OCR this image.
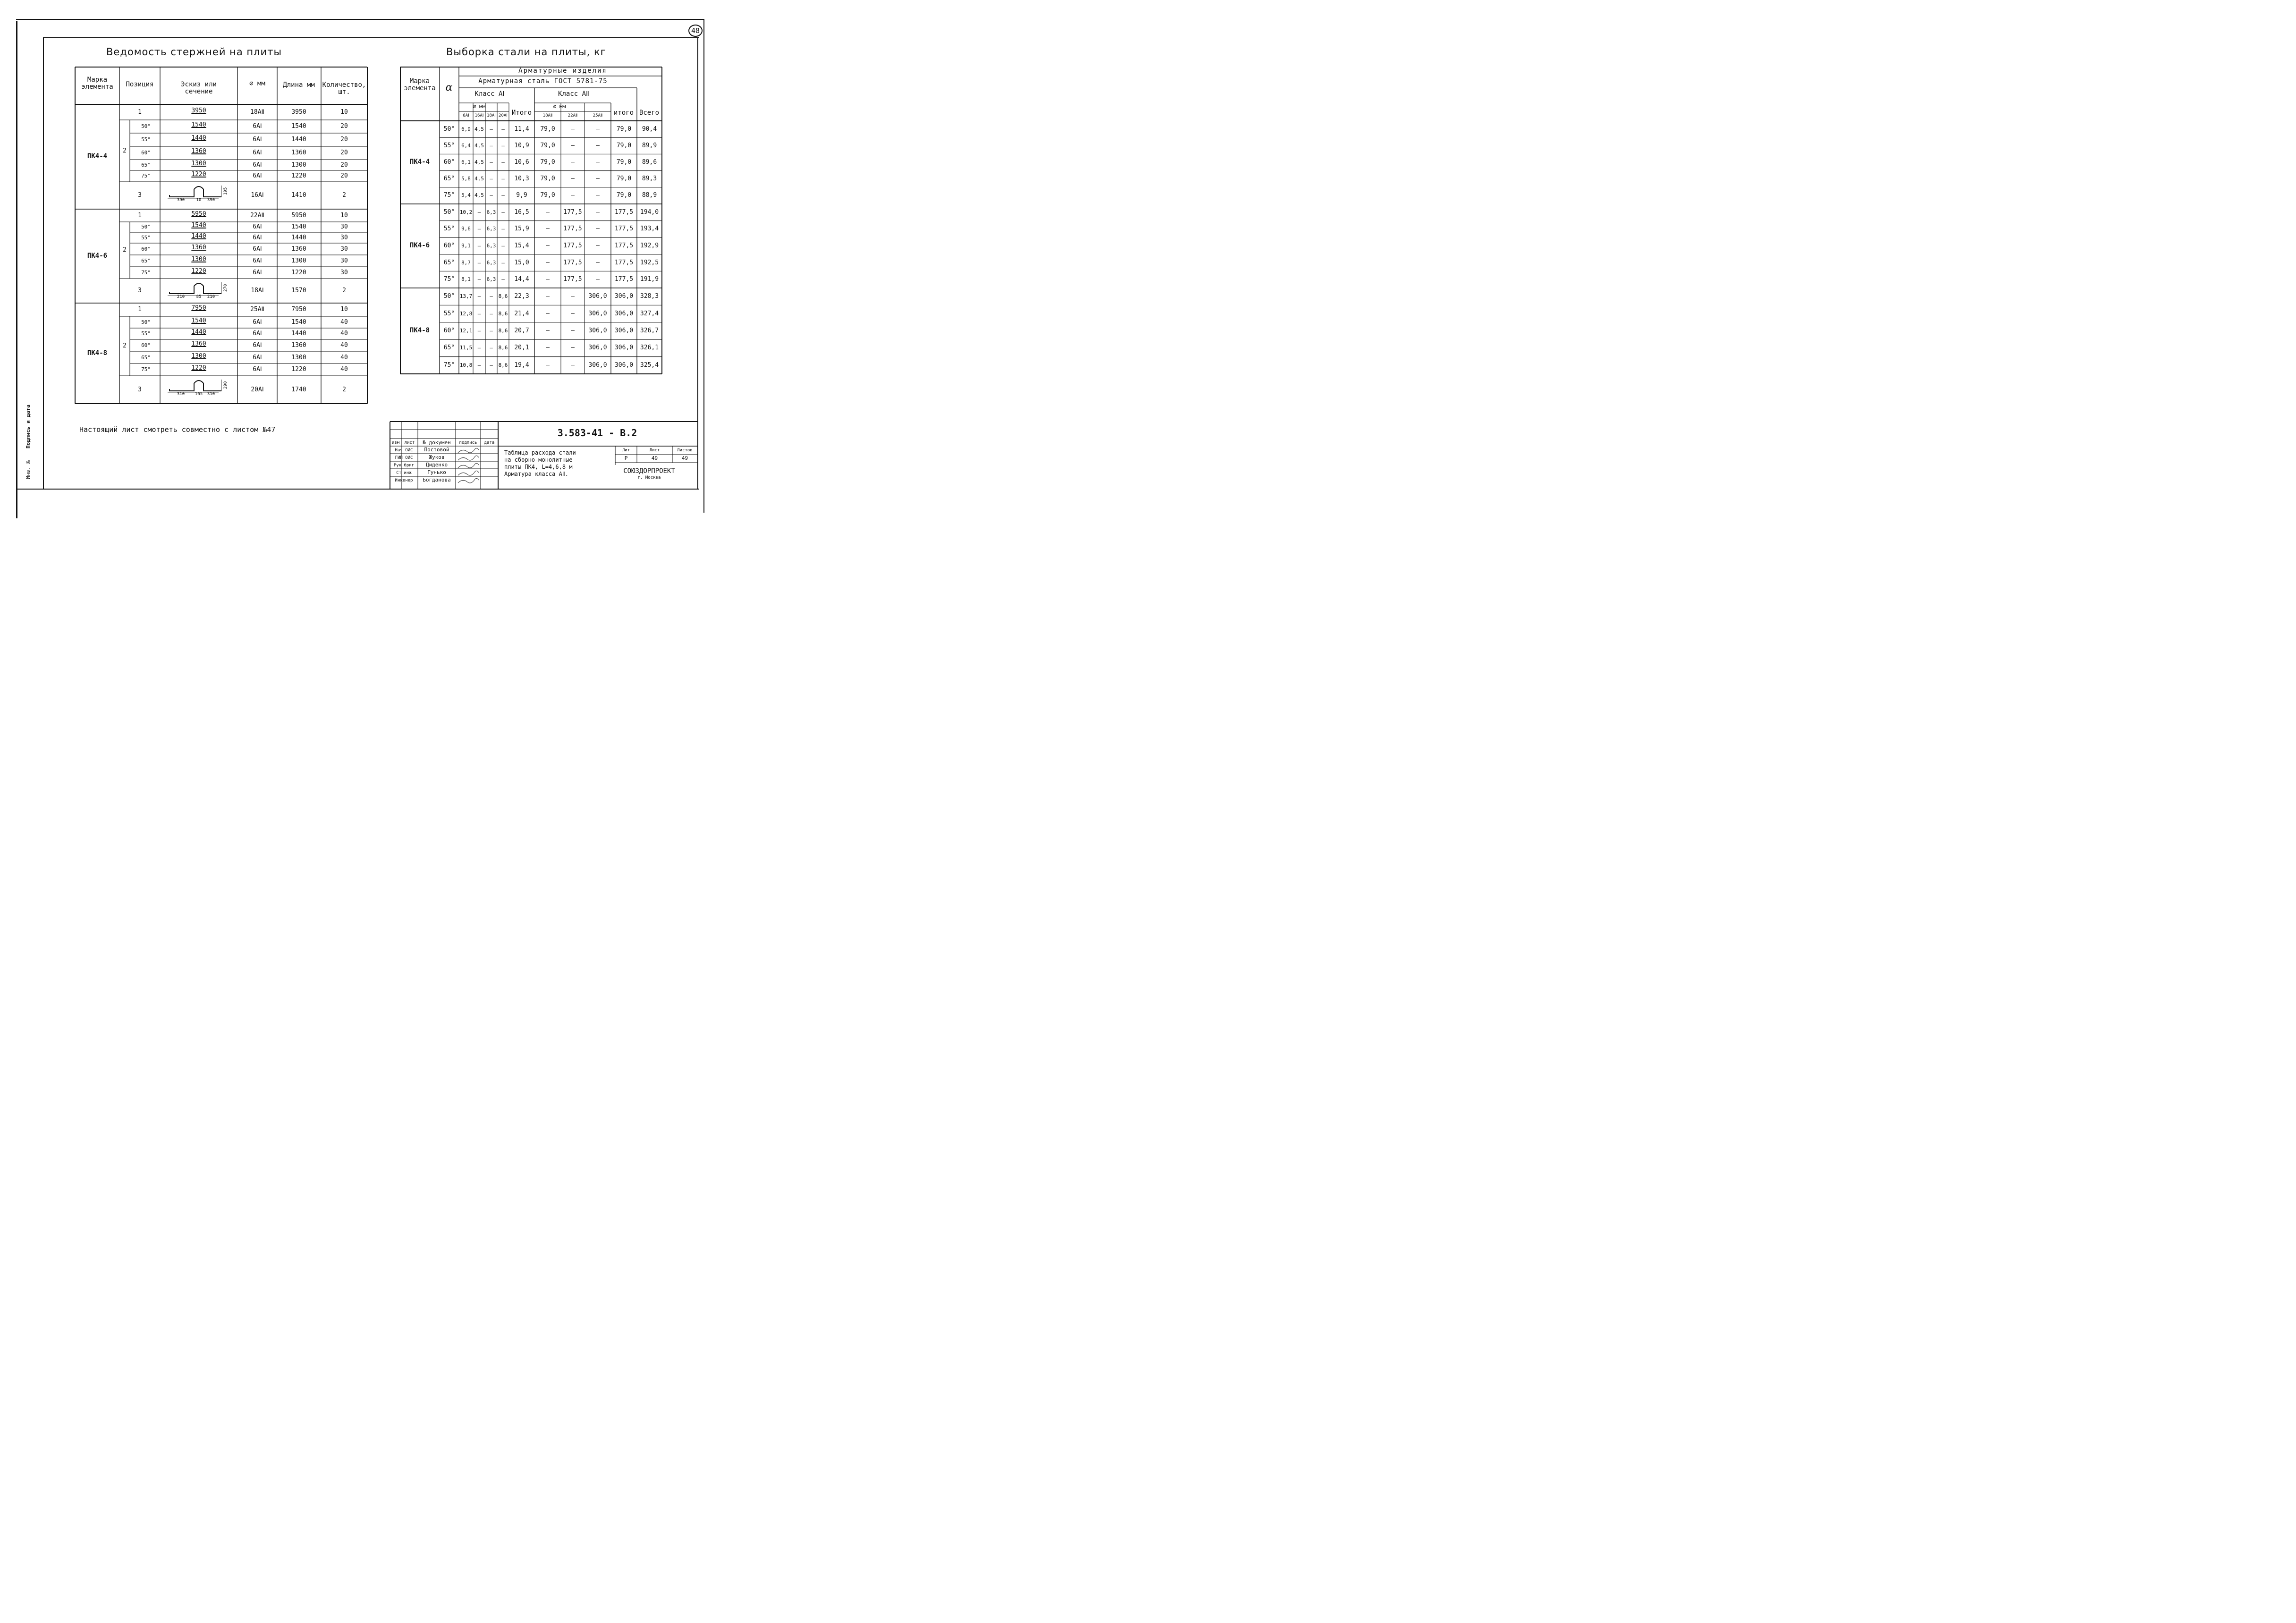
48
Ведомость стержней на плиты	Выборка стали на плиты, кг
Марка элемента	Позиция	Эскиз или сечение
⌀ мм	Длина мм	Количество, шт.
ПК4-4
1	3950	18АⅡ	3950	10
2
50°	1540	6АⅠ	1540	20
55°	1440	6АⅠ	1440	20
60°	1360	6АⅠ	1360	20
65°	1300	6АⅠ	1300	20
75°	1220	6АⅠ	1220	20
3	16АⅠ	1410	2
390	10 390
195
ПК4-6
1	5950	22АⅡ	5950	10
2
50°	1540	6АⅠ	1540	30
55°	1440	6АⅠ	1440	30
60°	1360	6АⅠ	1360	30
65°	1300	6АⅠ	1300	30
75°	1220	6АⅠ	1220	30
3	18АⅠ	1570	2
210	85 210
270
ПК4-8
1	7950	25АⅡ	7950	10
2
50°	1540	6АⅠ	1540	40
55°	1440	6АⅠ	1440	40
60°	1360	6АⅠ	1360	40
65°	1300	6АⅠ	1300	40
75°	1220	6АⅠ	1220	40
3	20АⅠ	1740	2
310 165 310
290
Марка элемента α
Арматурные изделия
Арматурная сталь ГОСТ 5781-75
Класс АⅠ	Класс АⅡ
⌀ мм	⌀ мм
6АⅠ 16АⅠ 18АⅠ 20АⅠ Итого	18АⅡ	22АⅡ	25АⅡ итого Всего
ПК4-4
50° 6,9 4,5 — — 11,4 79,0	—	—	79,0 90,4
55° 6,4 4,5 — — 10,9 79,0	—	—	79,0 89,9
60° 6,1 4,5 — — 10,6 79,0	—	—	79,0 89,6
65° 5,8 4,5 — — 10,3 79,0	—	—	79,0 89,3
75° 5,4 4,5 — — 9,9 79,0	—	—	79,0 88,9
ПК4-6
50° 10,2 — 6,3 — 16,5	— 177,5 — 177,5 194,0
55° 9,6 — 6,3 — 15,9	— 177,5 — 177,5 193,4
60° 9,1 — 6,3 — 15,4	— 177,5 — 177,5 192,9
65° 8,7 — 6,3 — 15,0	— 177,5 — 177,5 192,5
75° 8,1 — 6,3 — 14,4	— 177,5 — 177,5 191,9
ПК4-8
50° 13,7 — — 8,6 22,3	—	— 306,0 306,0 328,3
55° 12,8 — — 8,6 21,4	—	— 306,0 306,0 327,4
60° 12,1 — — 8,6 20,7	—	— 306,0 306,0 326,7
65° 11,5 — — 8,6 20,1	—	— 306,0 306,0 326,1
75° 10,8 — — 8,6 19,4	—	— 306,0 306,0 325,4
Настоящий лист смотреть совместно с листом №47
Подпись и дата
Инв. №
изм лист № докумен подпись дата
Нач ОИС Постовой
ГИП ОИС	Жуков
Рук бриг Диденко
Ст инж	Гунько
Инженер Богданова
3.583-41 - В.2
Таблица расхода стали
на сборно-монолитные
плиты ПК4, L=4,6,8 м
Арматура класса АⅡ.
Лит	Лист	Листов
Р	49	49
СОЮЗДОРПРОЕКТ
г. Москва
